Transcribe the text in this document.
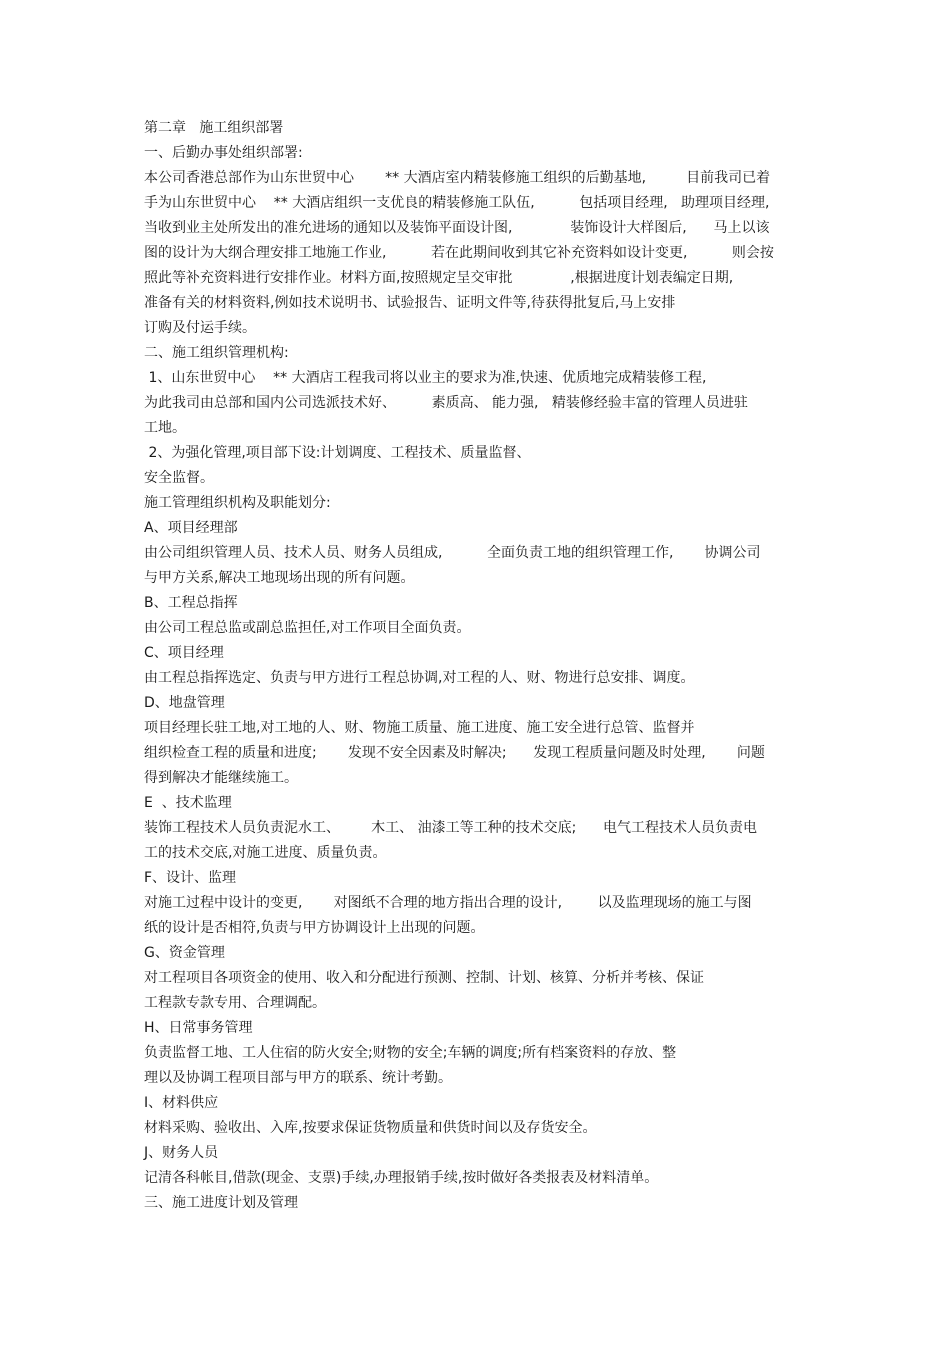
第二章   施工组织部署
一、后勤办事处组织部署:
本公司香港总部作为山东世贸中心       ** 大酒店室内精装修施工组织的后勤基地,         目前我司已着
手为山东世贸中心    ** 大酒店组织一支优良的精装修施工队伍,          包括项目经理,   助理项目经理,
当收到业主处所发出的准允进场的通知以及装饰平面设计图,             装饰设计大样图后,      马上以该
图的设计为大纲合理安排工地施工作业,          若在此期间收到其它补充资料如设计变更,          则会按
照此等补充资料进行安排作业。材料方面,按照规定呈交审批             ,根据进度计划表编定日期,
准备有关的材料资料,例如技术说明书、试验报告、证明文件等,待获得批复后,马上安排
订购及付运手续。
二、施工组织管理机构:
1、山东世贸中心    ** 大酒店工程我司将以业主的要求为准,快速、优质地完成精装修工程,
为此我司由总部和国内公司选派技术好、        素质高、 能力强,   精装修经验丰富的管理人员进驻
工地。
2、为强化管理,项目部下设:计划调度、工程技术、质量监督、
安全监督。
施工管理组织机构及职能划分:
A、项目经理部
由公司组织管理人员、技术人员、财务人员组成,          全面负责工地的组织管理工作,       协调公司
与甲方关系,解决工地现场出现的所有问题。
B、工程总指挥
由公司工程总监或副总监担任,对工作项目全面负责。
C、项目经理
由工程总指挥选定、负责与甲方进行工程总协调,对工程的人、财、物进行总安排、调度。
D、地盘管理
项目经理长驻工地,对工地的人、财、物施工质量、施工进度、施工安全进行总管、监督并
组织检查工程的质量和进度;       发现不安全因素及时解决;      发现工程质量问题及时处理,       问题
得到解决才能继续施工。
E  、技术监理
装饰工程技术人员负责泥水工、       木工、 油漆工等工种的技术交底;      电气工程技术人员负责电
工的技术交底,对施工进度、质量负责。
F、设计、监理
对施工过程中设计的变更,       对图纸不合理的地方指出合理的设计,        以及监理现场的施工与图
纸的设计是否相符,负责与甲方协调设计上出现的问题。
G、资金管理
对工程项目各项资金的使用、收入和分配进行预测、控制、计划、核算、分析并考核、保证
工程款专款专用、合理调配。
H、日常事务管理
负责监督工地、工人住宿的防火安全;财物的安全;车辆的调度;所有档案资料的存放、整
理以及协调工程项目部与甲方的联系、统计考勤。
I、材料供应
材料采购、验收出、入库,按要求保证货物质量和供货时间以及存货安全。
J、财务人员
记清各科帐目,借款(现金、支票)手续,办理报销手续,按时做好各类报表及材料清单。
三、施工进度计划及管理
